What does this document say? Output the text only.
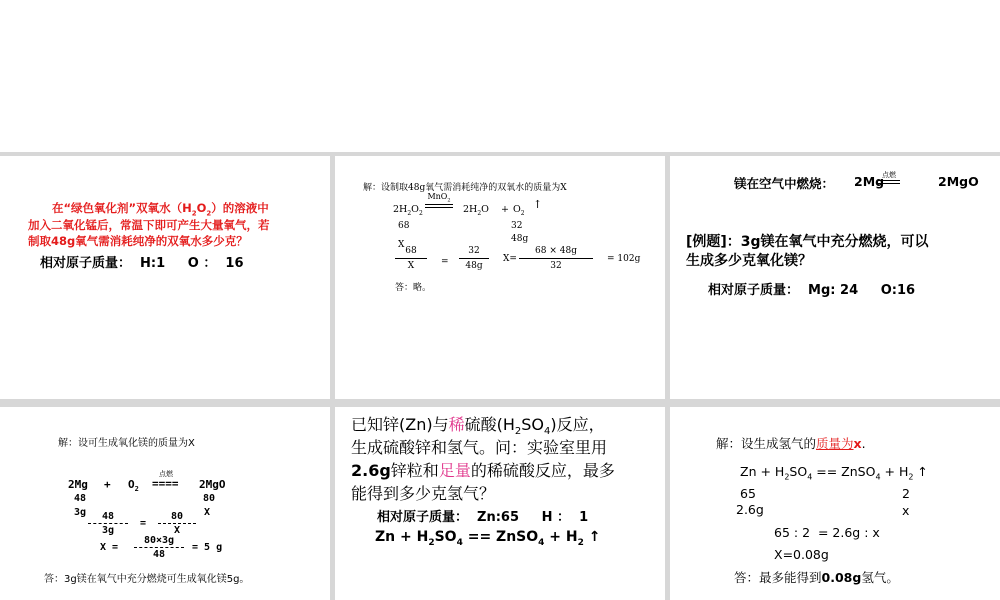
在“绿色氧化剂”双氧水$(H_2O_2)$的溶液中
加入二氧化锰后，常温下即可产生大量氧气，若
制取48g氧气需消耗纯净的双氧水多少克？
相对原子质量：  H:1     O ：  16
解：设制取48g氧气需消耗纯净的双氧水的质量为X
$2H_2O_2$
MnO$_2$
$2H_2O + O_2$
↑
68	32
48g
X
68
X	=
32
48g
X=
68 × 48g
32
= 102g
答：略。
镁在空气中燃烧： 2Mg
点燃	2MgO
[例题]：3g镁在氧气中充分燃烧，可以
生成多少克氧化镁？
相对原子质量：  Mg: 24     O:16
解：设可生成氧化镁的质量为X
$2Mg + O_2$
点燃
==== 2MgO
48	80
3g	X
48
3g
=
80
X
X =
80×3g
48
= 5 g
答：3g镁在氧气中充分燃烧可生成氧化镁5g。
已知锌(Zn)与稀硫酸$(H_2SO_4)$反应，
生成硫酸锌和氢气。问：实验室里用
2.6g锌粒和足量的稀硫酸反应，最多
能得到多少克氢气？
相对原子质量：  Zn:65     H ：  1
$Zn + H_2SO_4$ == ZnSO$_4$ + $H_2$ ↑
解：设生成氢气的质量为x.
$Zn + H_2SO_4$ == ZnSO$_4$ + $H_2$ ↑
65	2
2.6g	x
65 : 2  = 2.6g : x
X=0.08g
答：最多能得到0.08g氢气。
